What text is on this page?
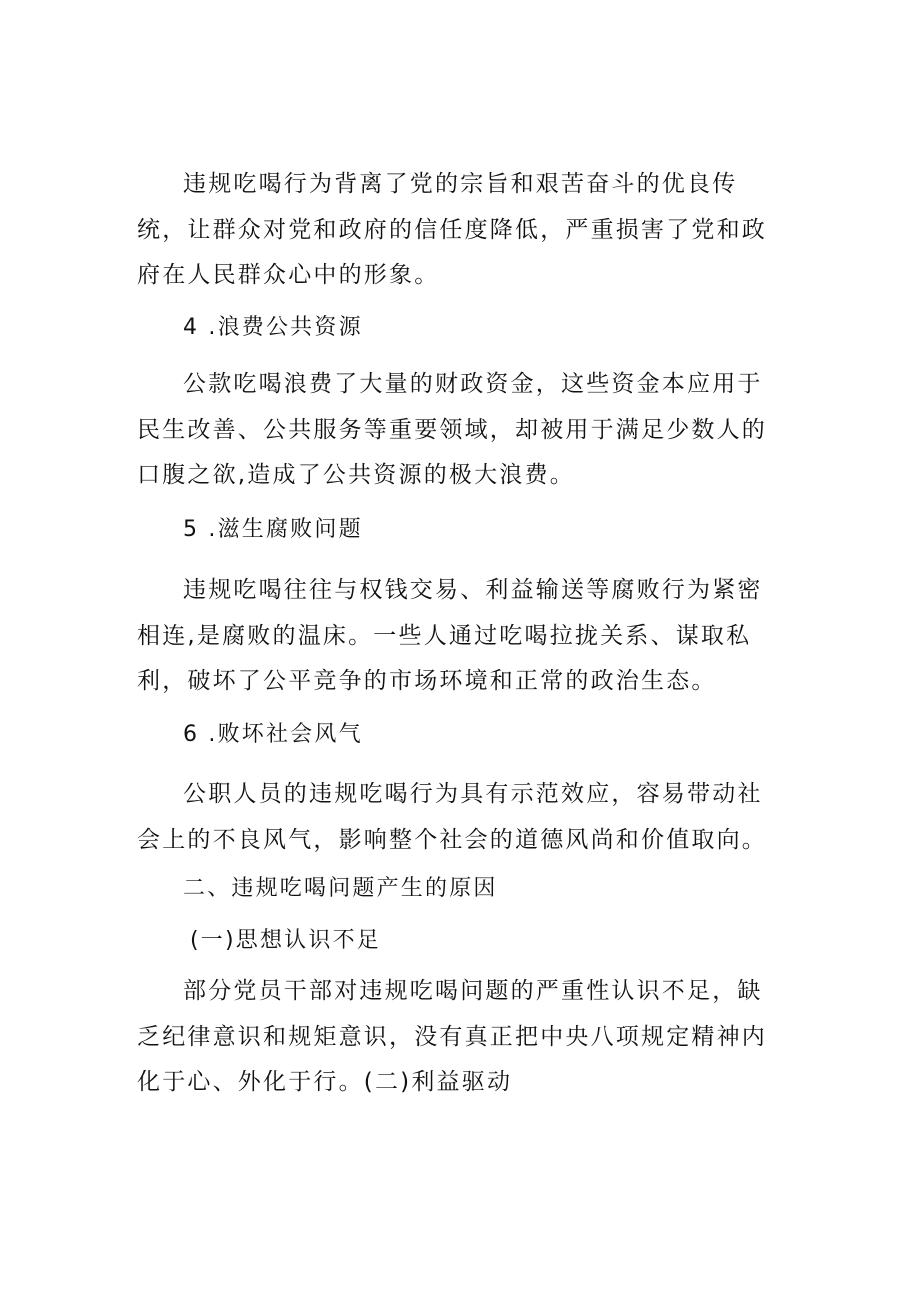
违规吃喝行为背离了党的宗旨和艰苦奋斗的优良传统，让群众对党和政府的信任度降低，严重损害了党和政府在人民群众心中的形象。

4 .浪费公共资源

公款吃喝浪费了大量的财政资金，这些资金本应用于民生改善、公共服务等重要领域，却被用于满足少数人的口腹之欲,造成了公共资源的极大浪费。

5 .滋生腐败问题

违规吃喝往往与权钱交易、利益输送等腐败行为紧密相连,是腐败的温床。一些人通过吃喝拉拢关系、谋取私利，破坏了公平竞争的市场环境和正常的政治生态。

6 .败坏社会风气

公职人员的违规吃喝行为具有示范效应，容易带动社会上的不良风气，影响整个社会的道德风尚和价值取向。

二、违规吃喝问题产生的原因

(一)思想认识不足

部分党员干部对违规吃喝问题的严重性认识不足，缺乏纪律意识和规矩意识，没有真正把中央八项规定精神内化于心、外化于行。(二)利益驱动
